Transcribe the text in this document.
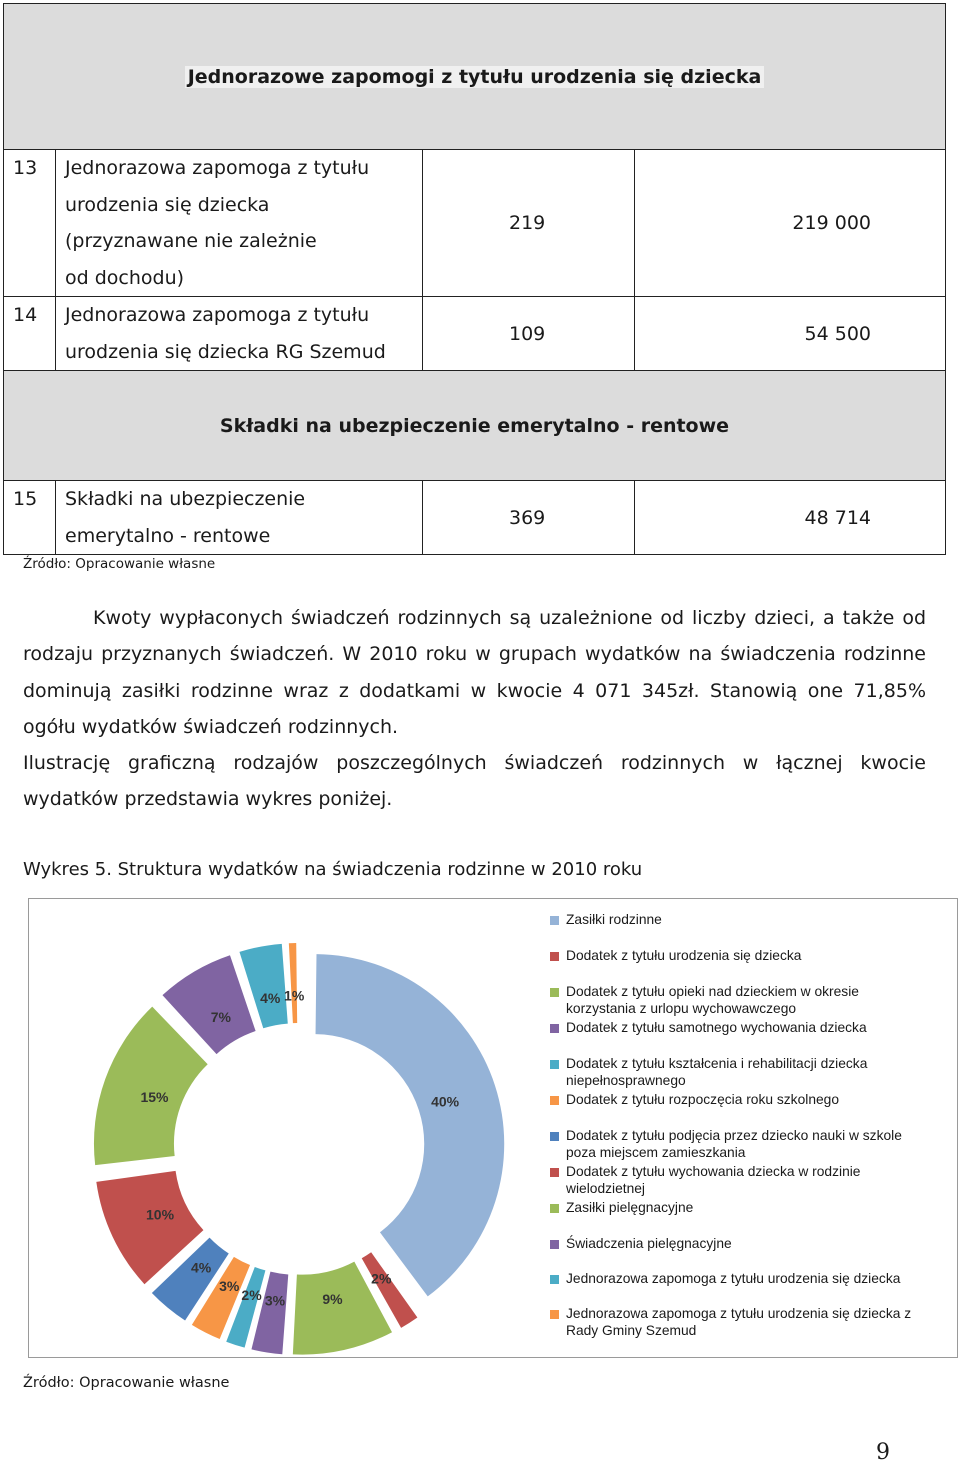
Jednorazowe zapomogi z tytułu urodzenia się dziecka			
13	Jednorazowa zapomoga z tytułu
urodzenia się dziecka
(przyznawane nie zależnie
od dochodu)	219	219 000
14	Jednorazowa zapomoga z tytułu
urodzenia się dziecka RG Szemud	109	54 500
Składki na ubezpieczenie emerytalno - rentowe			
15	Składki na ubezpieczenie
emerytalno - rentowe	369	48 714
Źródło: Opracowanie własne
Kwoty wypłaconych świadczeń rodzinnych są uzależnione od liczby dzieci, a także od rodzaju przyznanych świadczeń. W 2010 roku w grupach wydatków na świadczenia rodzinne dominują zasiłki rodzinne wraz z dodatkami w kwocie 4 071 345zł. Stanowią one 71,85% ogółu wydatków świadczeń rodzinnych.
Ilustrację graficzną rodzajów poszczególnych świadczeń rodzinnych w łącznej kwocie wydatków przedstawia wykres poniżej.
Wykres 5. Struktura wydatków na świadczenia rodzinne w 2010 roku
40%
2%
9%
3%
2%
3%
4%
10%
15%
7%
4% 1%
Zasiłki rodzinne
Dodatek z tytułu urodzenia się dziecka
Dodatek z tytułu opieki nad dzieckiem w okresie
korzystania z urlopu wychowawczego
Dodatek z tytułu samotnego wychowania dziecka
Dodatek z tytułu kształcenia i rehabilitacji dziecka
niepełnosprawnego
Dodatek z tytułu rozpoczęcia roku szkolnego
Dodatek z tytułu podjęcia przez dziecko nauki w szkole
poza miejscem zamieszkania
Dodatek z tytułu wychowania dziecka w rodzinie
wielodzietnej
Zasiłki pielęgnacyjne
Świadczenia pielęgnacyjne
Jednorazowa zapomoga z tytułu urodzenia się dziecka
Jednorazowa zapomoga z tytułu urodzenia się dziecka z
Rady Gminy Szemud
Źródło: Opracowanie własne
9
